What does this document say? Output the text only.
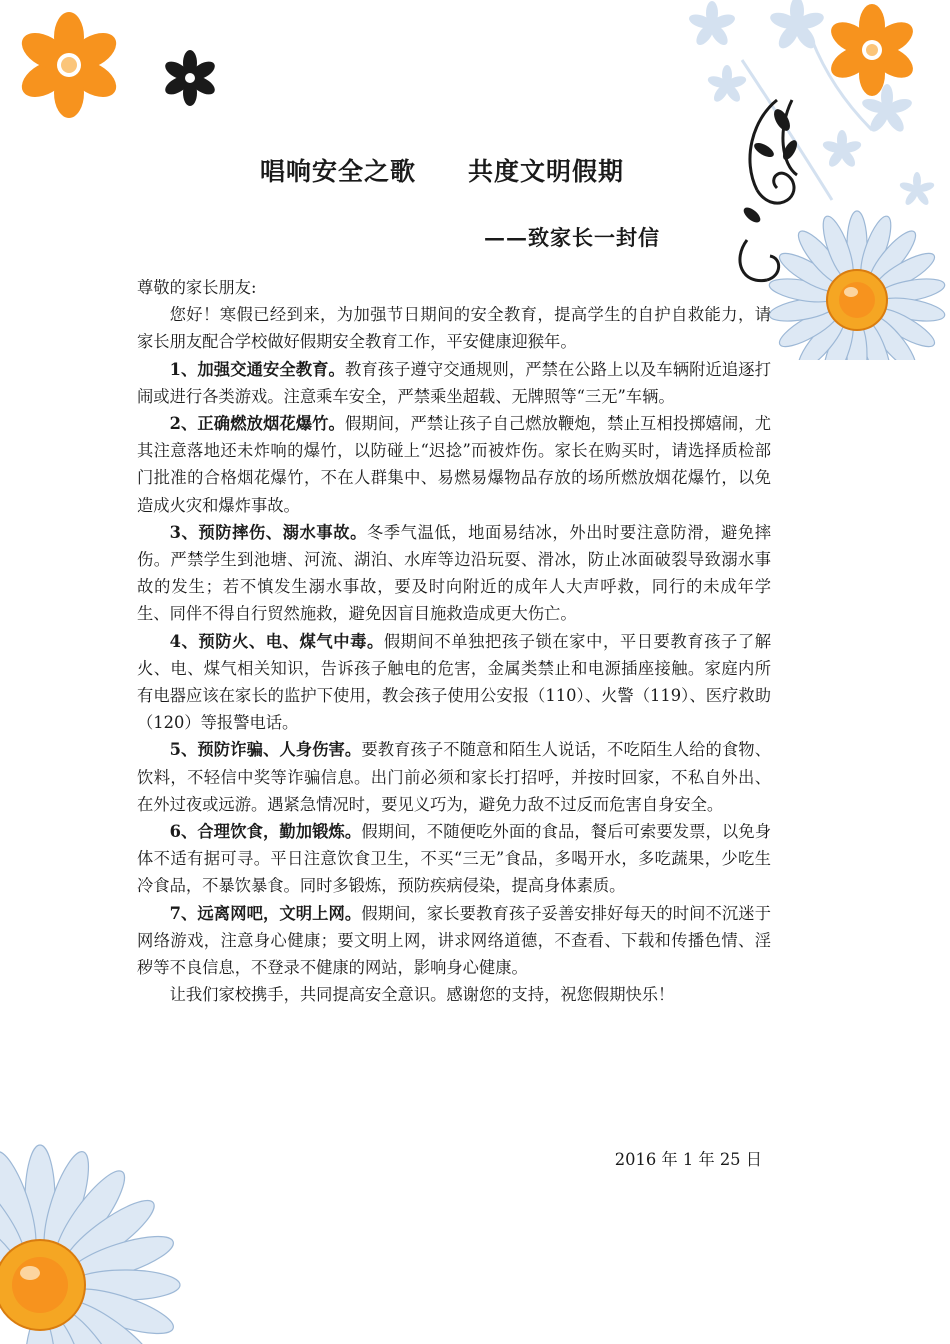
唱响安全之歌　　共度文明假期
——致家长一封信

尊敬的家长朋友:

您好！寒假已经到来，为加强节日期间的安全教育，提高学生的自护自救能力，请家长朋友配合学校做好假期安全教育工作，平安健康迎猴年。

1、加强交通安全教育。教育孩子遵守交通规则，严禁在公路上以及车辆附近追逐打闹或进行各类游戏。注意乘车安全，严禁乘坐超载、无牌照等“三无”车辆。

2、正确燃放烟花爆竹。假期间，严禁让孩子自己燃放鞭炮，禁止互相投掷嬉闹，尤其注意落地还未炸响的爆竹，以防碰上“迟捻”而被炸伤。家长在购买时，请选择质检部门批准的合格烟花爆竹，不在人群集中、易燃易爆物品存放的场所燃放烟花爆竹，以免造成火灾和爆炸事故。

3、预防摔伤、溺水事故。冬季气温低，地面易结冰，外出时要注意防滑，避免摔伤。严禁学生到池塘、河流、湖泊、水库等边沿玩耍、滑冰，防止冰面破裂导致溺水事故的发生；若不慎发生溺水事故，要及时向附近的成年人大声呼救，同行的未成年学生、同伴不得自行贸然施救，避免因盲目施救造成更大伤亡。

4、预防火、电、煤气中毒。假期间不单独把孩子锁在家中，平日要教育孩子了解火、电、煤气相关知识，告诉孩子触电的危害，金属类禁止和电源插座接触。家庭内所有电器应该在家长的监护下使用，教会孩子使用公安报（110）、火警（119）、医疗救助（120）等报警电话。

5、预防诈骗、人身伤害。要教育孩子不随意和陌生人说话，不吃陌生人给的食物、饮料，不轻信中奖等诈骗信息。出门前必须和家长打招呼，并按时回家，不私自外出、在外过夜或远游。遇紧急情况时，要见义巧为，避免力敌不过反而危害自身安全。

6、合理饮食，勤加锻炼。假期间，不随便吃外面的食品，餐后可索要发票，以免身体不适有据可寻。平日注意饮食卫生，不买“三无”食品，多喝开水，多吃蔬果，少吃生冷食品，不暴饮暴食。同时多锻炼，预防疾病侵染，提高身体素质。

7、远离网吧，文明上网。假期间，家长要教育孩子妥善安排好每天的时间不沉迷于网络游戏，注意身心健康；要文明上网，讲求网络道德，不查看、下载和传播色情、淫秽等不良信息，不登录不健康的网站，影响身心健康。

让我们家校携手，共同提高安全意识。感谢您的支持，祝您假期快乐！

2016 年 1 年 25 日
